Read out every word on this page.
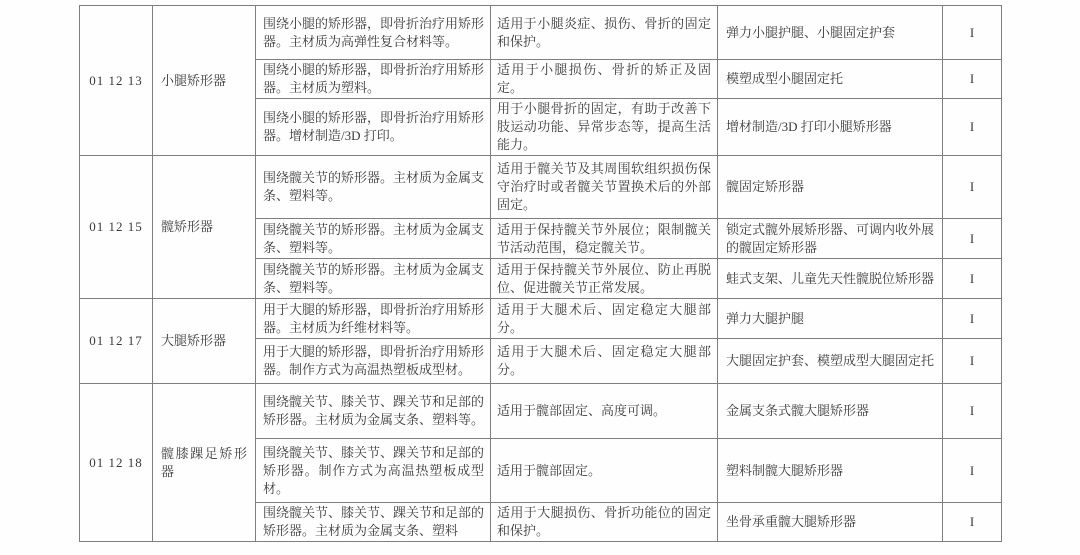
01 12 13	小腿矫形器	围绕小腿的矫形器，即骨折治疗用矫形器。主材质为高弹性复合材料等。	适用于小腿炎症、损伤、骨折的固定和保护。	弹力小腿护腿、小腿固定护套	I
		围绕小腿的矫形器，即骨折治疗用矫形器。主材质为塑料。	适用于小腿损伤、骨折的矫正及固定。	模塑成型小腿固定托	I
		围绕小腿的矫形器，即骨折治疗用矫形器。增材制造/3D 打印。	用于小腿骨折的固定，有助于改善下肢运动功能、异常步态等，提高生活能力。	增材制造/3D 打印小腿矫形器	I
01 12 15	髋矫形器	围绕髋关节的矫形器。主材质为金属支条、塑料等。	适用于髋关节及其周围软组织损伤保守治疗时或者髋关节置换术后的外部固定。	髋固定矫形器	I
		围绕髋关节的矫形器。主材质为金属支条、塑料等。	适用于保持髋关节外展位；限制髋关节活动范围，稳定髋关节。	锁定式髋外展矫形器、可调内收外展的髋固定矫形器	I
		围绕髋关节的矫形器。主材质为金属支条、塑料等。	适用于保持髋关节外展位、防止再脱位、促进髋关节正常发展。	蛙式支架、儿童先天性髋脱位矫形器	I
01 12 17	大腿矫形器	用于大腿的矫形器，即骨折治疗用矫形器。主材质为纤维材料等。	适用于大腿术后、固定稳定大腿部分。	弹力大腿护腿	I
		用于大腿的矫形器，即骨折治疗用矫形器。制作方式为高温热塑板成型材。	适用于大腿术后、固定稳定大腿部分。	大腿固定护套、模塑成型大腿固定托	I
01 12 18	髋膝踝足矫形器	围绕髋关节、膝关节、踝关节和足部的矫形器。主材质为金属支条、塑料等。	适用于髋部固定、高度可调。	金属支条式髋大腿矫形器	I
		围绕髋关节、膝关节、踝关节和足部的矫形器。制作方式为高温热塑板成型材。	适用于髋部固定。	塑料制髋大腿矫形器	I
		围绕髋关节、膝关节、踝关节和足部的矫形器。主材质为金属支条、塑料	适用于大腿损伤、骨折功能位的固定和保护。	坐骨承重髋大腿矫形器	I
